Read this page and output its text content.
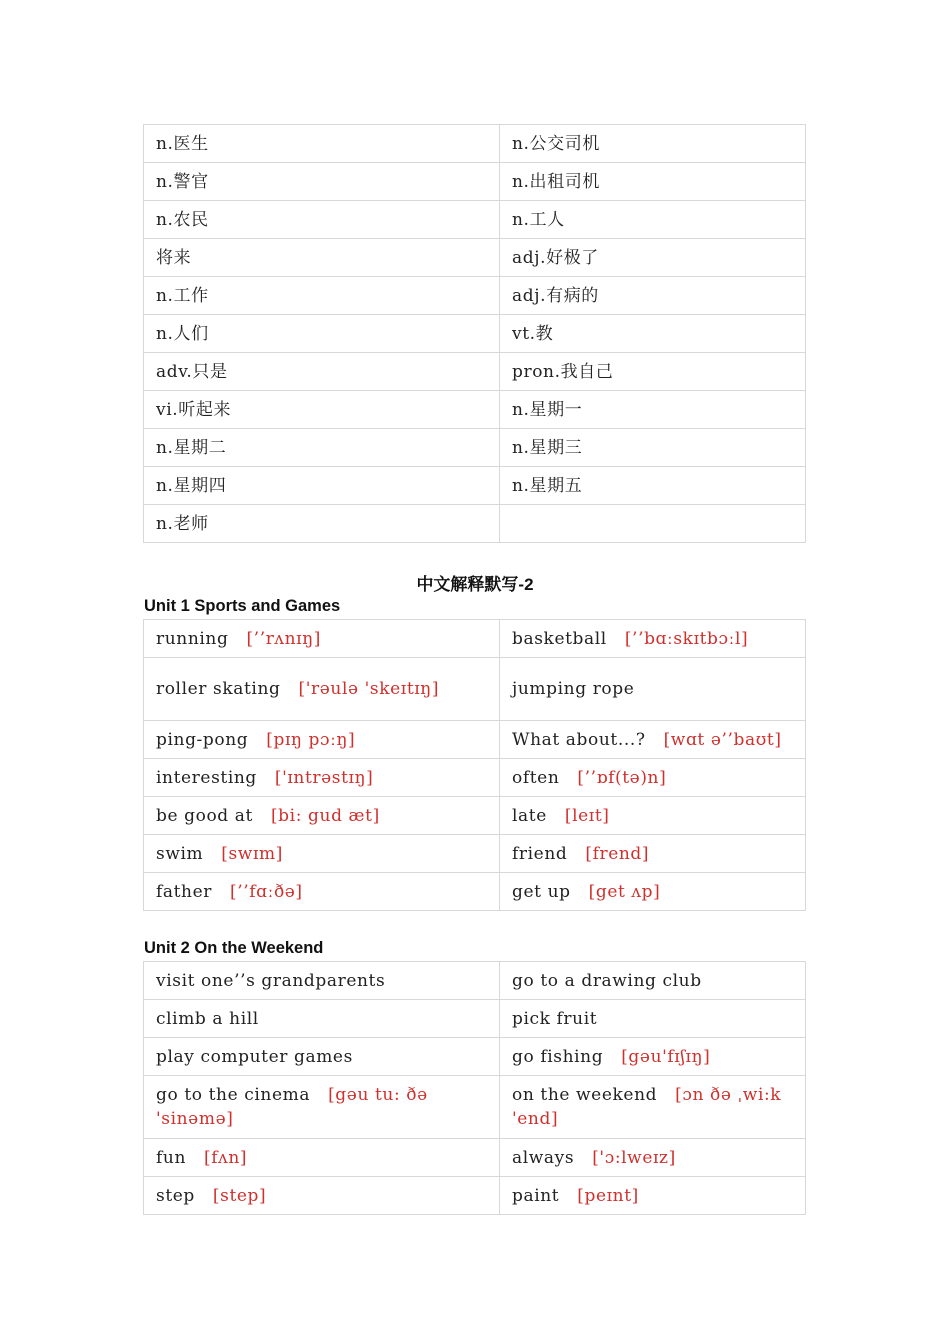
n.医生	n.公交司机
n.警官	n.出租司机
n.农民	n.工人
将来	adj.好极了
n.工作	adj.有病的
n.人们	vt.教
adv.只是	pron.我自己
vi.听起来	n.星期一
n.星期二	n.星期三
n.星期四	n.星期五
n.老师	
中文解释默写-2
Unit 1 Sports and Games
running [’’rʌnɪŋ]	basketball [’’bɑːskɪtbɔːl]
roller skating ['rəulə 'skeɪtɪŋ]	jumping rope
ping-pong [pɪŋ pɔːŋ]	What about...? [wɑt ə’’baʊt]
interesting ['ɪntrəstɪŋ]	often [’’ɒf(tə)n]
be good at [bi: gud æt]	late [leɪt]
swim [swɪm]	friend [frend]
father [’’fɑːðə]	get up [get ʌp]
Unit 2 On the Weekend
visit one’’s grandparents	go to a drawing club
climb a hill	pick fruit
play computer games	go fishing [gəu'fɪʃɪŋ]
go to the cinema [gəu tu: ðə 'sinəmə]	on the weekend [ɔn ðə ˌwi:k 'end]
fun [fʌn]	always ['ɔ:lweɪz]
step [step]	paint [peɪnt]
